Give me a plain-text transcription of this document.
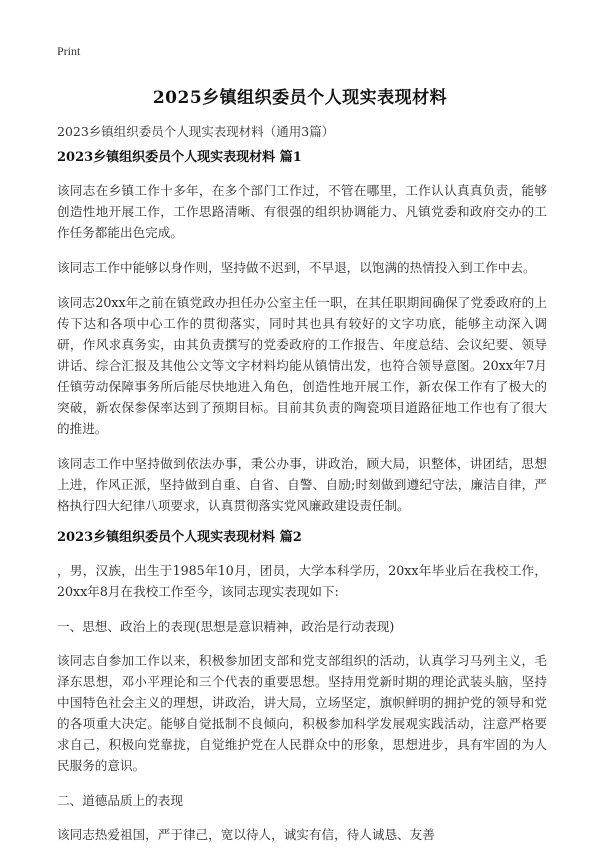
Print
2025乡镇组织委员个人现实表现材料
2023乡镇组织委员个人现实表现材料（通用3篇）
2023乡镇组织委员个人现实表现材料 篇1

该同志在乡镇工作十多年，在多个部门工作过，不管在哪里，工作认认真真负责，能够创造性地开展工作，工作思路清晰、有很强的组织协调能力、凡镇党委和政府交办的工作任务都能出色完成。

该同志工作中能够以身作则，坚持做不迟到，不早退，以饱满的热情投入到工作中去。

该同志20xx年之前在镇党政办担任办公室主任一职，在其任职期间确保了党委政府的上传下达和各项中心工作的贯彻落实，同时其也具有较好的文字功底，能够主动深入调研，作风求真务实，由其负责撰写的党委政府的工作报告、年度总结、会议纪要、领导讲话、综合汇报及其他公文等文字材料均能从镇情出发，也符合领导意图。20xx年7月任镇劳动保障事务所后能尽快地进入角色，创造性地开展工作，新农保工作有了极大的突破，新农保参保率达到了预期目标。目前其负责的陶瓷项目道路征地工作也有了很大的推进。

该同志工作中坚持做到依法办事，秉公办事，讲政治，顾大局，识整体，讲团结，思想上进，作风正派，坚持做到自重、自省、自警、自励;时刻做到遵纪守法，廉洁自律，严格执行四大纪律八项要求，认真贯彻落实党风廉政建设责任制。

2023乡镇组织委员个人现实表现材料 篇2

，男，汉族，出生于1985年10月，团员，大学本科学历，20xx年毕业后在我校工作，20xx年8月在我校工作至今，该同志现实表现如下:

一、思想、政治上的表现(思想是意识精神，政治是行动表现)

该同志自参加工作以来，积极参加团支部和党支部组织的活动，认真学习马列主义，毛泽东思想，邓小平理论和三个代表的重要思想。坚持用党新时期的理论武装头脑，坚持中国特色社会主义的理想，讲政治，讲大局，立场坚定，旗帜鲜明的拥护党的领导和党的各项重大决定。能够自觉抵制不良倾向，积极参加科学发展观实践活动，注意严格要求自己，积极向党靠拢，自觉维护党在人民群众中的形象，思想进步，具有牢固的为人民服务的意识。

二、道德品质上的表现

该同志热爱祖国，严于律己，宽以待人，诚实有信，待人诚恳、友善
